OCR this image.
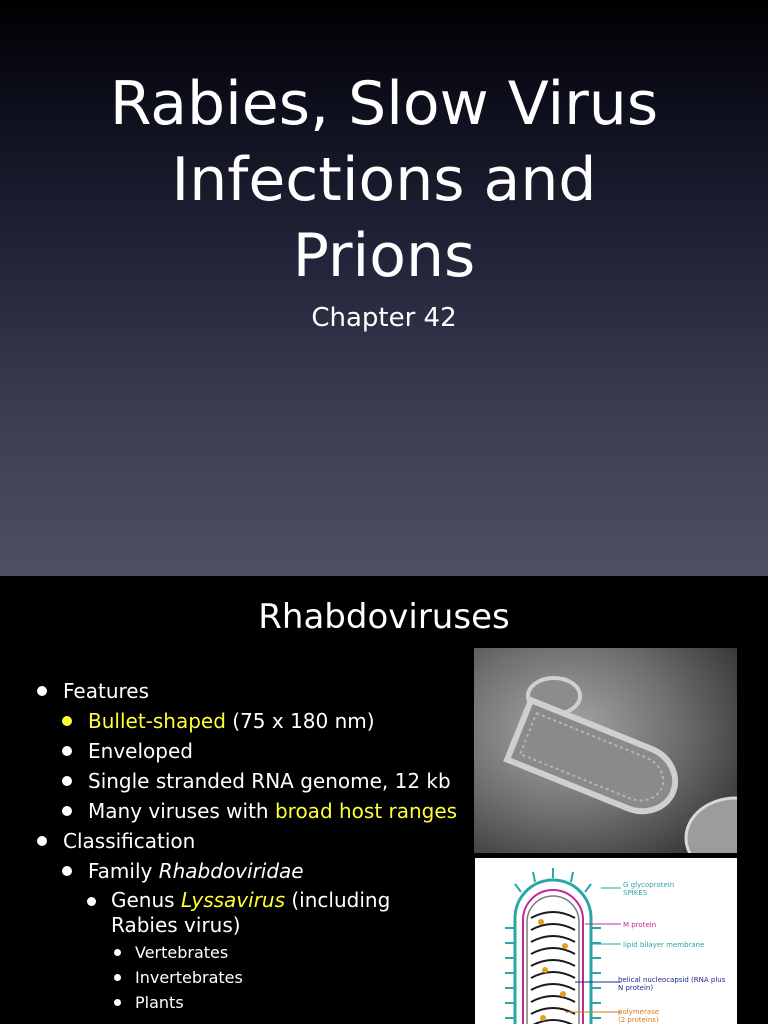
Rabies, Slow Virus
Infections and
Prions
Chapter 42
Rhabdoviruses
Features
Bullet-shaped (75 x 180 nm)
Enveloped
Single stranded RNA genome, 12 kb
Many viruses with broad host ranges
Classification
Family Rhabdoviridae
Genus Lyssavirus (including
Rabies virus)
Vertebrates
Invertebrates
Plants
G glycoprotein
SPIKES
M protein
lipid bilayer membrane
helical nucleocapsid (RNA plus
N protein)
polymerase
(2 proteins)
